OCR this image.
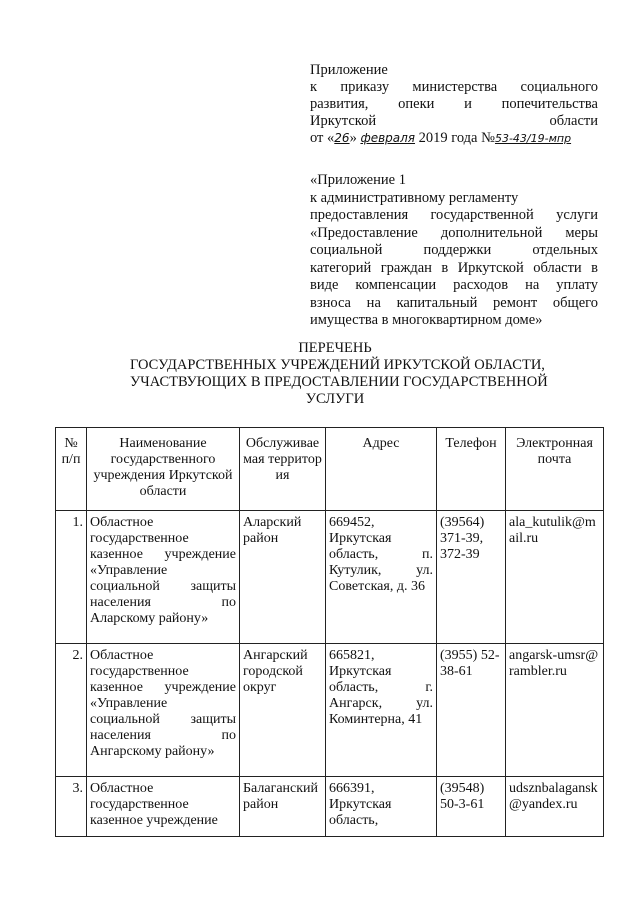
Приложение
к приказу министерства социального
развития, опеки и попечительства
Иркутской области
от «26» февраля 2019 года №53-43/19-мпр
«Приложение 1
к административному регламенту
предоставления государственной услуги
«Предоставление дополнительной меры
социальной поддержки отдельных
категорий граждан в Иркутской области в
виде компенсации расходов на уплату
взноса на капитальный ремонт общего
имущества в многоквартирном доме»
ПЕРЕЧЕНЬ
ГОСУДАРСТВЕННЫХ УЧРЕЖДЕНИЙ ИРКУТСКОЙ ОБЛАСТИ,
УЧАСТВУЮЩИХ В ПРЕДОСТАВЛЕНИИ ГОСУДАРСТВЕННОЙ
УСЛУГИ
№ п/п	Наименование государственного учреждения Иркутской области	Обслуживаемая территория	Адрес	Телефон	Электронная почта
1.	Областное государственное казенное учреждение «Управление социальной защиты населения по Аларскому району»	Аларский район	669452, Иркутская область, п. Кутулик, ул. Советская, д. 36	(39564) 371-39, 372-39	ala_kutulik@mail.ru
2.	Областное государственное казенное учреждение «Управление социальной защиты населения по Ангарскому району»	Ангарский городской округ	665821, Иркутская область, г. Ангарск, ул. Коминтерна, 41	(3955) 52-38-61	angarsk-umsr@rambler.ru
3.	Областное государственное казенное учреждение	Балаганский район	666391, Иркутская область,	(39548) 50-3-61	udsznbalagansk@yandex.ru
